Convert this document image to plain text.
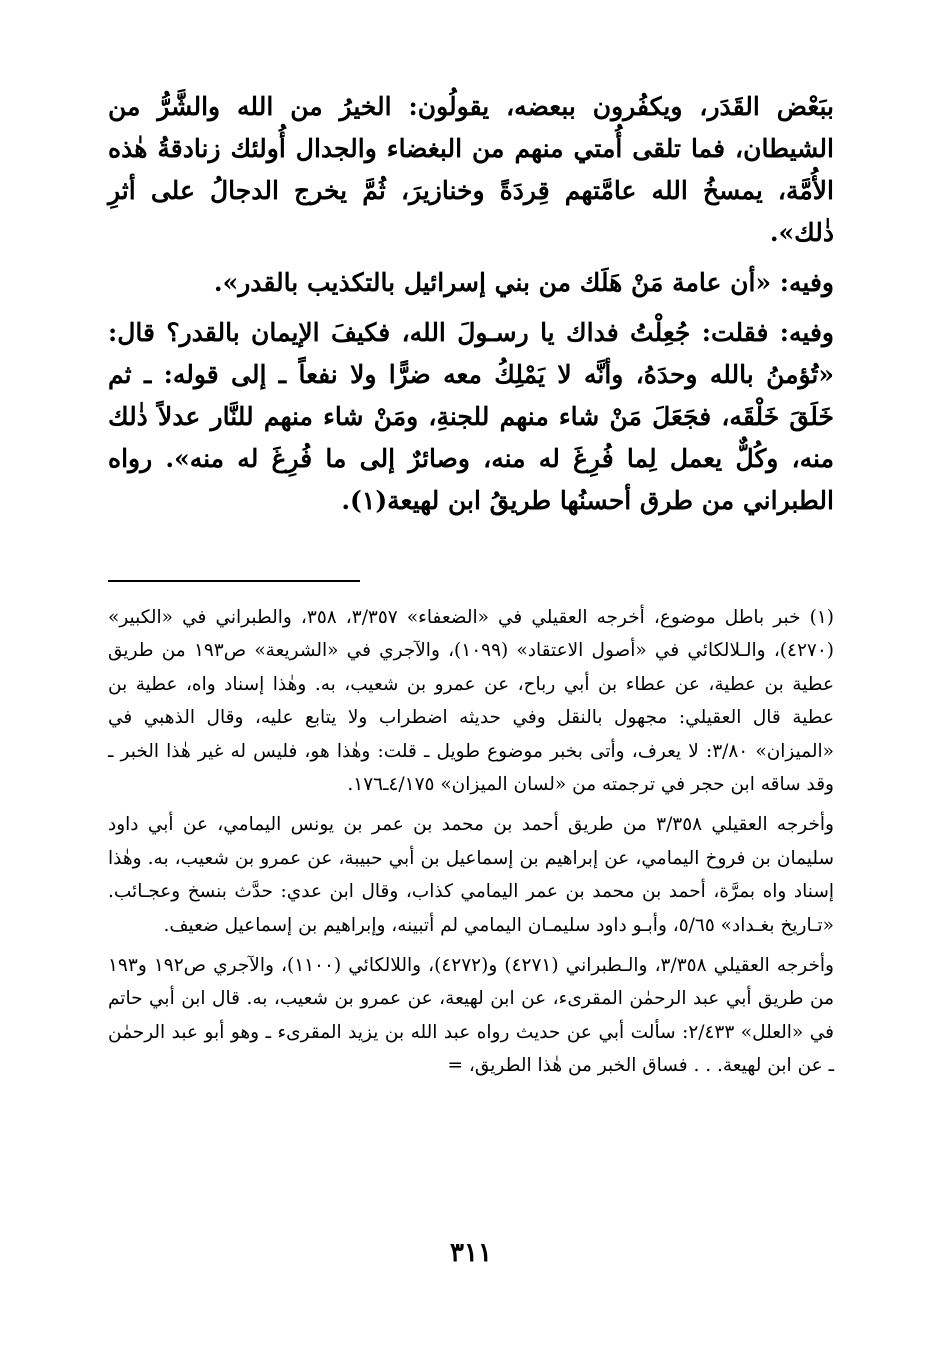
ببَعْض القَدَر، ويكفُرون ببعضه، يقولُون: الخيرُ من الله والشَّرُّ من الشيطان، فما تلقى أُمتي منهم من البغضاء والجدال أُولئك زنادقةُ هٰذه الأُمَّة، يمسخُ الله عامَّتهم قِردَةً وخنازيرَ، ثُمَّ يخرج الدجالُ على أثرِ ذٰلك».

وفيه: «أن عامة مَنْ هَلَك من بني إسرائيل بالتكذيب بالقدر».

وفيه: فقلت: جُعِلْتُ فداك يا رسـولَ الله، فكيفَ الإيمان بالقدر؟ قال: «تُؤمنُ بالله وحدَهُ، وأنَّه لا يَمْلِكُ معه ضرًّا ولا نفعاً ـ إلى قوله: ـ ثم خَلَقَ خَلْقَه، فجَعَلَ مَنْ شاء منهم للجنةِ، ومَنْ شاء منهم للنَّار عدلاً ذٰلك منه، وكُلٌّ يعمل لِما فُرِغَ له منه، وصائرٌ إلى ما فُرِغَ له منه». رواه الطبراني من طرق أحسنُها طريقُ ابن لهيعة(١).

(١) خبر باطل موضوع، أخرجه العقيلي في «الضعفاء» ٣/٣٥٧، ٣٥٨، والطبراني في «الكبير» (٤٢٧٠)، والـلالكائي في «أصول الاعتقاد» (١٠٩٩)، والآجري في «الشريعة» ص١٩٣ من طريق عطية بن عطية، عن عطاء بن أبي رباح، عن عمرو بن شعيب، به. وهٰذا إسناد واه، عطية بن عطية قال العقيلي: مجهول بالنقل وفي حديثه اضطراب ولا يتابع عليه، وقال الذهبي في «الميزان» ٣/٨٠: لا يعرف، وأتى بخبر موضوع طويل ـ قلت: وهٰذا هو، فليس له غير هٰذا الخبر ـ وقد ساقه ابن حجر في ترجمته من «لسان الميزان» ٤/١٧٥ـ١٧٦.

وأخرجه العقيلي ٣/٣٥٨ من طريق أحمد بن محمد بن عمر بن يونس اليمامي، عن أبي داود سليمان بن فروخ اليمامي، عن إبراهيم بن إسماعيل بن أبي حبيبة، عن عمرو بن شعيب، به. وهٰذا إسناد واه بمرَّة، أحمد بن محمد بن عمر اليمامي كذاب، وقال ابن عدي: حدَّث بنسخ وعجـائب. «تـاريخ بغـداد» ٥/٦٥، وأبـو داود سليمـان اليمامي لم أتبينه، وإبراهيم بن إسماعيل ضعيف.

وأخرجه العقيلي ٣/٣٥٨، والـطبراني (٤٢٧١) و(٤٢٧٢)، واللالكائي (١١٠٠)، والآجري ص١٩٢ و١٩٣ من طريق أبي عبد الرحمٰن المقرىء، عن ابن لهيعة، عن عمرو بن شعيب، به. قال ابن أبي حاتم في «العلل» ٢/٤٣٣: سألت أبي عن حديث رواه عبد الله بن يزيد المقرىء ـ وهو أبو عبد الرحمٰن ـ عن ابن لهيعة. . . فساق الخبر من هٰذا الطريق، =

٣١١
